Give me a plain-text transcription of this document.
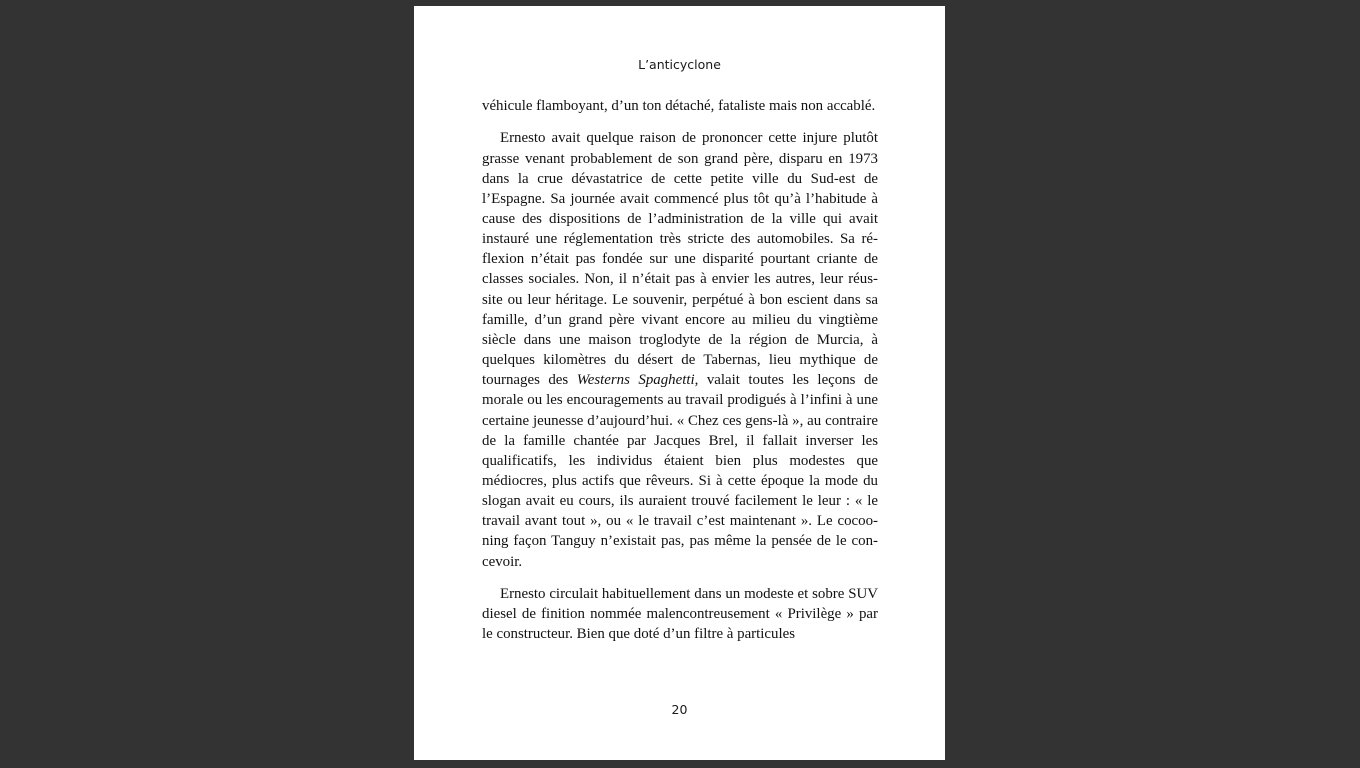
L’anticyclone

véhicule flamboyant, d’un ton détaché, fataliste mais non accablé.

Ernesto avait quelque raison de prononcer cette injure plutôt grasse venant probablement de son grand père, disparu en 1973 dans la crue dévastatrice de cette petite ville du Sud-est de l’Espagne. Sa journée avait commencé plus tôt qu’à l’habitude à cause des dispositions de l’administration de la ville qui avait instauré une réglementation très stricte des automobiles. Sa réflexion n’était pas fondée sur une disparité pourtant criante de classes sociales. Non, il n’était pas à envier les autres, leur réussite ou leur héritage. Le souvenir, perpétué à bon escient dans sa famille, d’un grand père vivant encore au milieu du vingtième siècle dans une maison troglodyte de la région de Murcia, à quelques kilomètres du désert de Tabernas, lieu mythique de tournages des Westerns Spaghetti, valait toutes les leçons de morale ou les encouragements au travail prodigués à l’infini à une certaine jeunesse d’aujourd’hui. « Chez ces gens-là », au contraire de la famille chantée par Jacques Brel, il fallait inverser les qualificatifs, les individus étaient bien plus modestes que médiocres, plus actifs que rêveurs. Si à cette époque la mode du slogan avait eu cours, ils auraient trouvé facilement le leur : « le travail avant tout », ou « le travail c’est maintenant ». Le cocooning façon Tanguy n’existait pas, pas même la pensée de le concevoir.

Ernesto circulait habituellement dans un modeste et sobre SUV diesel de finition nommée malencontreusement « Privilège » par le constructeur. Bien que doté d’un filtre à particules

20
